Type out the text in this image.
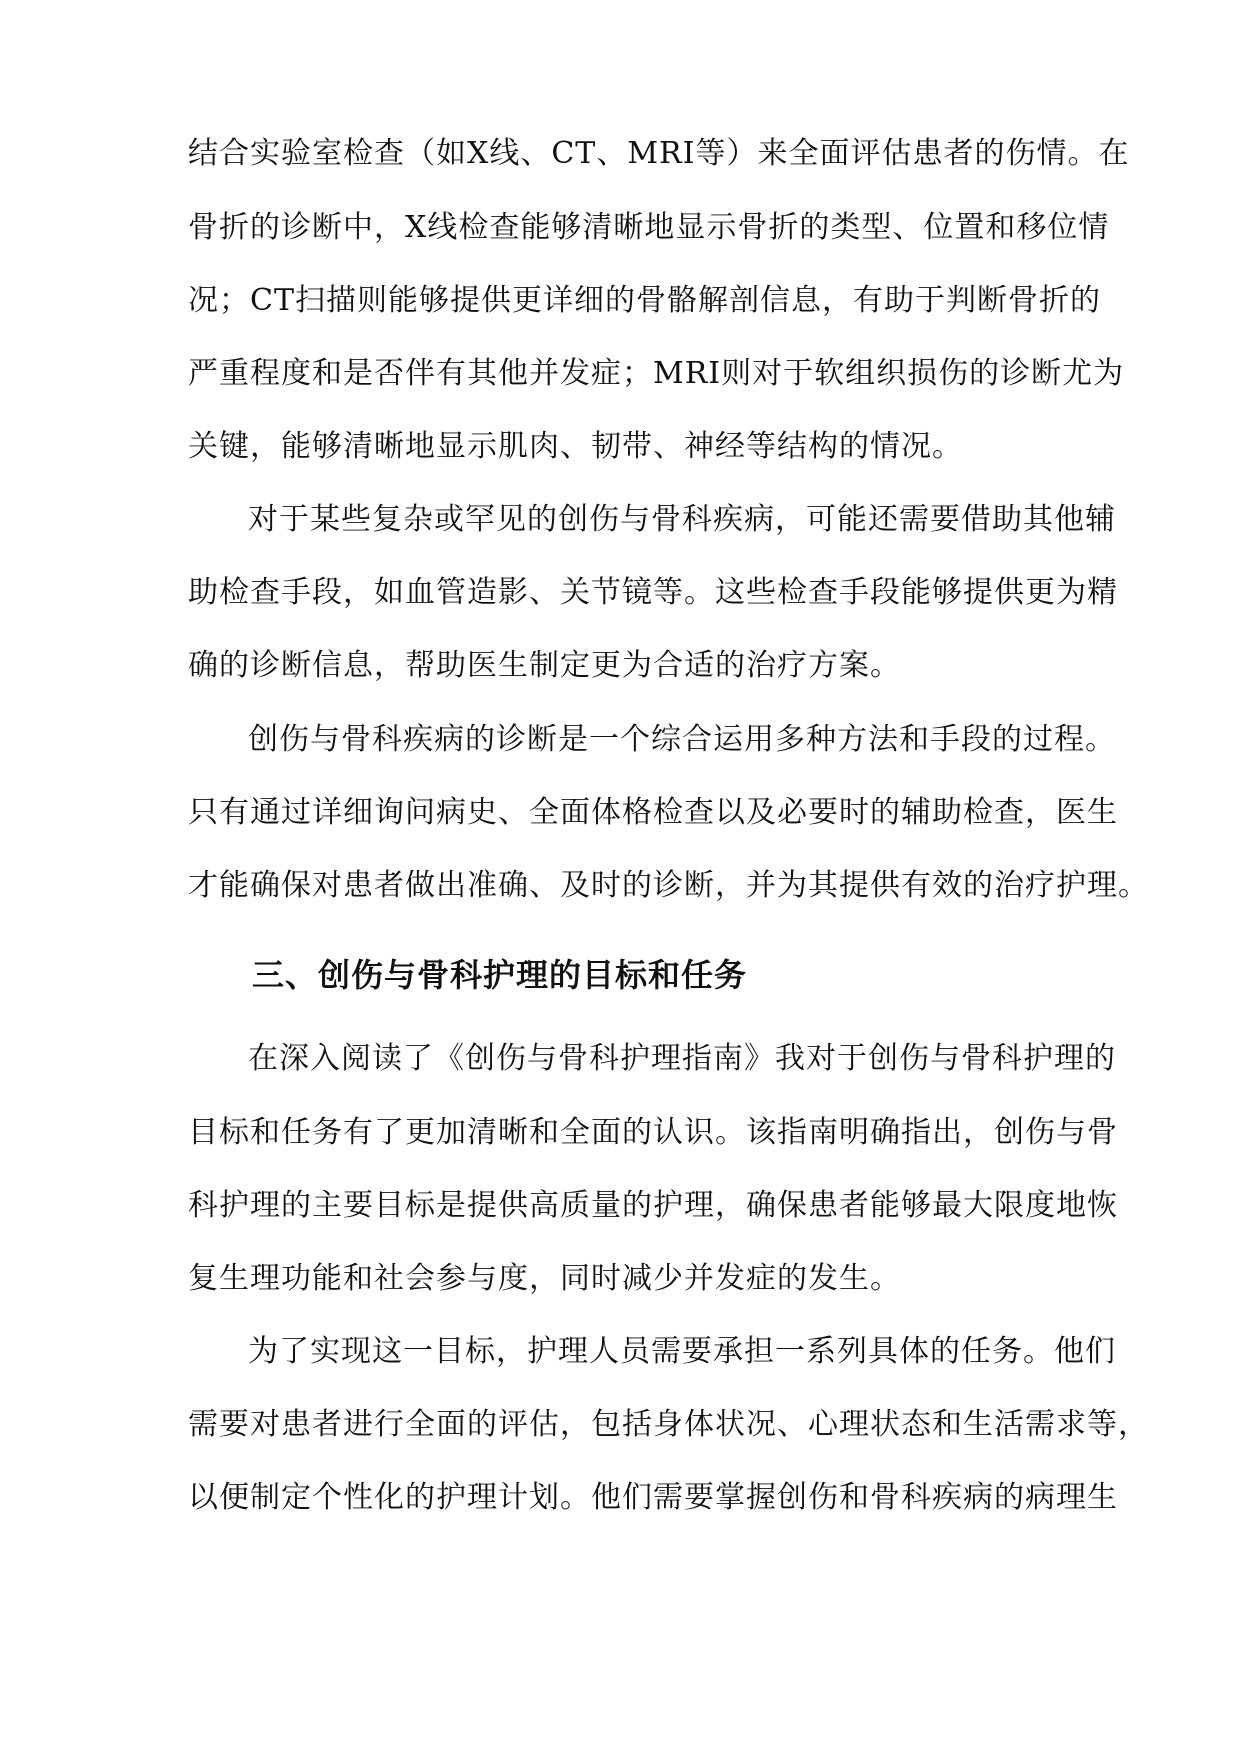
结合实验室检查（如X线、CT、MRI等）来全面评估患者的伤情。在
骨折的诊断中，X线检查能够清晰地显示骨折的类型、位置和移位情
况；CT扫描则能够提供更详细的骨骼解剖信息，有助于判断骨折的
严重程度和是否伴有其他并发症；MRI则对于软组织损伤的诊断尤为
关键，能够清晰地显示肌肉、韧带、神经等结构的情况。
对于某些复杂或罕见的创伤与骨科疾病，可能还需要借助其他辅
助检查手段，如血管造影、关节镜等。这些检查手段能够提供更为精
确的诊断信息，帮助医生制定更为合适的治疗方案。
创伤与骨科疾病的诊断是一个综合运用多种方法和手段的过程。
只有通过详细询问病史、全面体格检查以及必要时的辅助检查，医生
才能确保对患者做出准确、及时的诊断，并为其提供有效的治疗护理。
三、创伤与骨科护理的目标和任务
在深入阅读了《创伤与骨科护理指南》我对于创伤与骨科护理的
目标和任务有了更加清晰和全面的认识。该指南明确指出，创伤与骨
科护理的主要目标是提供高质量的护理，确保患者能够最大限度地恢
复生理功能和社会参与度，同时减少并发症的发生。
为了实现这一目标，护理人员需要承担一系列具体的任务。他们
需要对患者进行全面的评估，包括身体状况、心理状态和生活需求等，
以便制定个性化的护理计划。他们需要掌握创伤和骨科疾病的病理生
